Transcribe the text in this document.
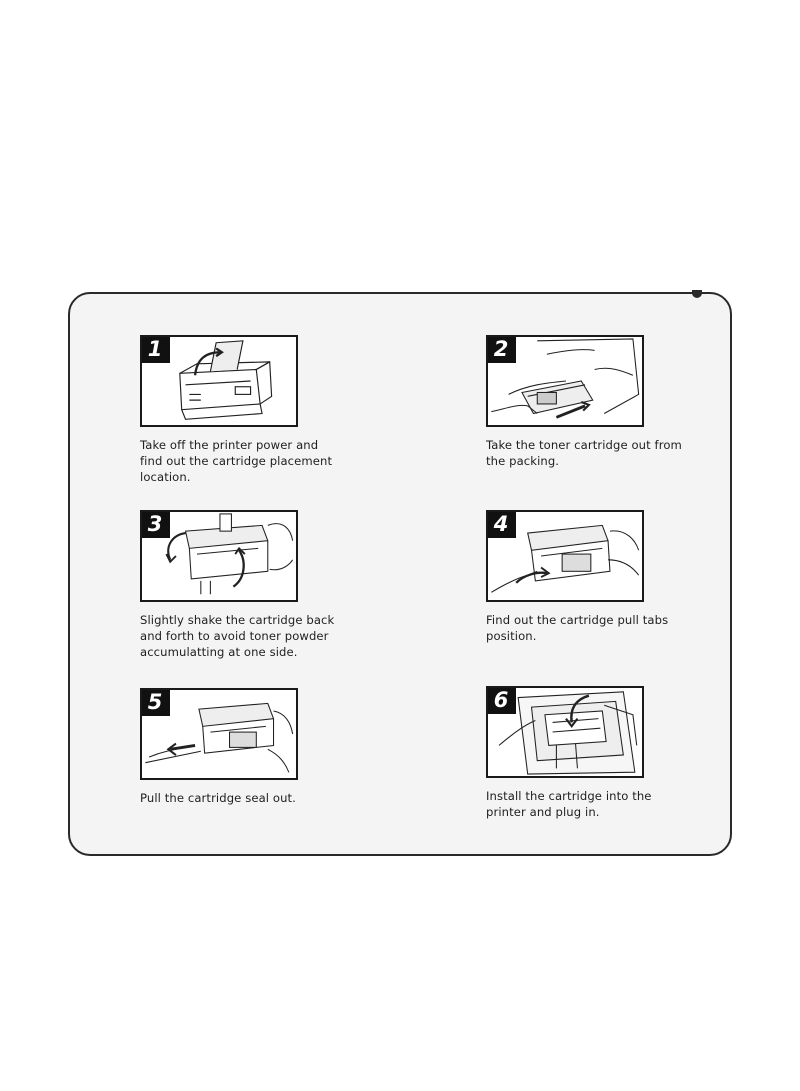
1
Take off the printer power and
find out the cartridge placement
location.
2
Take the toner cartridge out from
the packing.
3
Slightly shake the cartridge back
and forth to avoid toner powder
accumulatting at one side.
4
Find out the cartridge pull tabs
position.
5
Pull the cartridge seal out.
6
Install the cartridge into the
printer and plug in.
